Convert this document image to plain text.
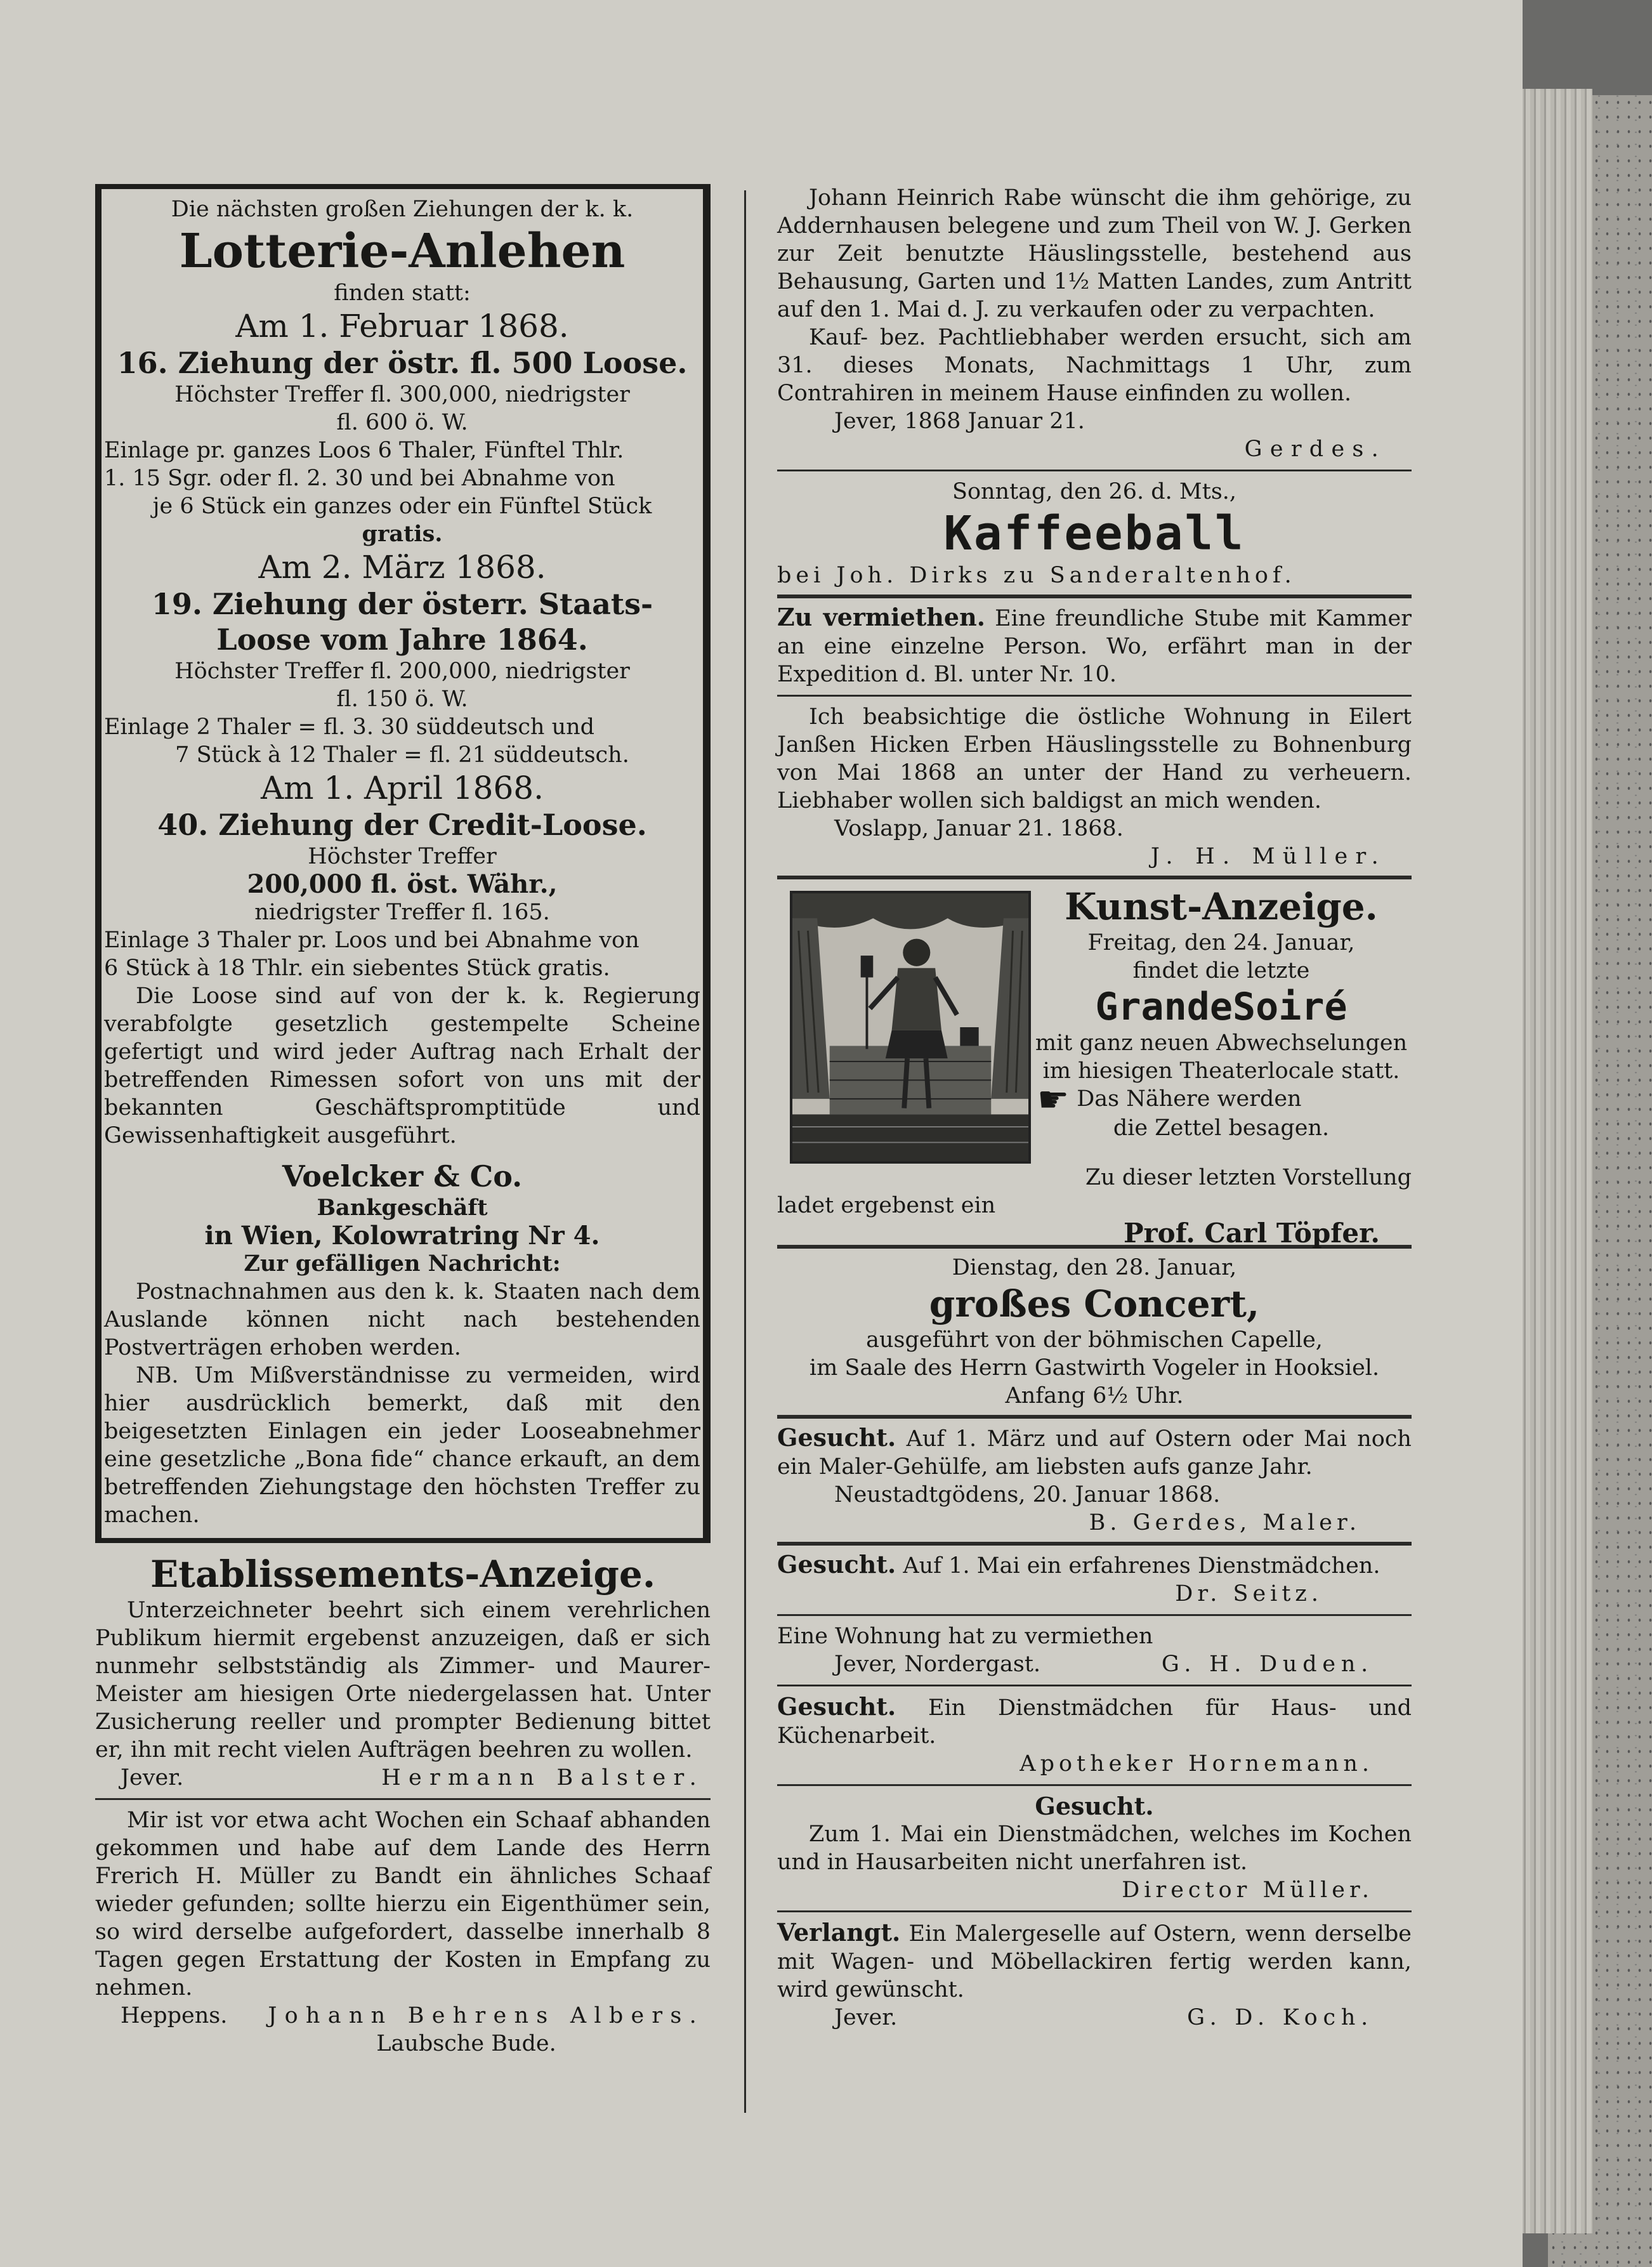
Die nächsten großen Ziehungen der k. k.
Lotterie-Anlehen
finden statt:
Am 1. Februar 1868.
16. Ziehung der östr. fl. 500 Loose.
Höchster Treffer fl. 300,000, niedrigster
fl. 600 ö. W.
Einlage pr. ganzes Loos 6 Thaler, Fünftel Thlr.
1. 15 Sgr. oder fl. 2. 30 und bei Abnahme von
je 6 Stück ein ganzes oder ein Fünftel Stück
gratis.
Am 2. März 1868.
19. Ziehung der österr. Staats-
Loose vom Jahre 1864.
Höchster Treffer fl. 200,000, niedrigster
fl. 150 ö. W.
Einlage 2 Thaler = fl. 3. 30 süddeutsch und
7 Stück à 12 Thaler = fl. 21 süddeutsch.
Am 1. April 1868.
40. Ziehung der Credit-Loose.
Höchster Treffer
200,000 fl. öst. Währ.,
niedrigster Treffer fl. 165.
Einlage 3 Thaler pr. Loos und bei Abnahme von
6 Stück à 18 Thlr. ein siebentes Stück gratis.
Die Loose sind auf von der k. k. Regierung verabfolgte gesetzlich gestempelte Scheine gefertigt und wird jeder Auftrag nach Erhalt der betreffenden Rimessen sofort von uns mit der bekannten Geschäftspromptitüde und Gewissenhaftigkeit ausgeführt.
Voelcker & Co.
Bankgeschäft
in Wien, Kolowratring Nr 4.
Zur gefälligen Nachricht:
Postnachnahmen aus den k. k. Staaten nach dem Auslande können nicht nach bestehenden Postverträgen erhoben werden.
NB. Um Mißverständnisse zu vermeiden, wird hier ausdrücklich bemerkt, daß mit den beigesetzten Einlagen ein jeder Looseabnehmer eine gesetzliche „Bona fide“ chance erkauft, an dem betreffenden Ziehungstage den höchsten Treffer zu machen.
Etablissements-Anzeige.
Unterzeichneter beehrt sich einem verehrlichen Publikum hiermit ergebenst anzuzeigen, daß er sich nunmehr selbstständig als Zimmer- und Maurer-Meister am hiesigen Orte niedergelassen hat. Unter Zusicherung reeller und prompter Bedienung bittet er, ihn mit recht vielen Aufträgen beehren zu wollen.
Jever.	Hermann Balster.
Mir ist vor etwa acht Wochen ein Schaaf abhanden gekommen und habe auf dem Lande des Herrn Frerich H. Müller zu Bandt ein ähnliches Schaaf wieder gefunden; sollte hierzu ein Eigenthümer sein, so wird derselbe aufgefordert, dasselbe innerhalb 8 Tagen gegen Erstattung der Kosten in Empfang zu nehmen.
Heppens. Johann Behrens Albers.
Laubsche Bude.
Johann Heinrich Rabe wünscht die ihm gehörige, zu Addernhausen belegene und zum Theil von W. J. Gerken zur Zeit benutzte Häuslingsstelle, bestehend aus Behausung, Garten und 1½ Matten Landes, zum Antritt auf den 1. Mai d. J. zu verkaufen oder zu verpachten.
Kauf- bez. Pachtliebhaber werden ersucht, sich am 31. dieses Monats, Nachmittags 1 Uhr, zum Contrahiren in meinem Hause einfinden zu wollen.
Jever, 1868 Januar 21.
Gerdes.
Sonntag, den 26. d. Mts.,
Kaffeeball
bei Joh. Dirks zu Sanderaltenhof.
Zu vermiethen. Eine freundliche Stube mit Kammer an eine einzelne Person. Wo, erfährt man in der Expedition d. Bl. unter Nr. 10.
Ich beabsichtige die östliche Wohnung in Eilert Janßen Hicken Erben Häuslingsstelle zu Bohnenburg von Mai 1868 an unter der Hand zu verheuern. Liebhaber wollen sich baldigst an mich wenden.
Voslapp, Januar 21. 1868.
J. H. Müller.
Kunst-Anzeige.
Freitag, den 24. Januar,
findet die letzte
GrandeSoiré
mit ganz neuen Abwechselungen
im hiesigen Theaterlocale statt.
☛ Das Nähere werden
die Zettel besagen.
Zu dieser letzten Vorstellung
ladet ergebenst ein
Prof. Carl Töpfer.
Dienstag, den 28. Januar,
großes Concert,
ausgeführt von der böhmischen Capelle,
im Saale des Herrn Gastwirth Vogeler in Hooksiel.
Anfang 6½ Uhr.
Gesucht. Auf 1. März und auf Ostern oder Mai noch ein Maler-Gehülfe, am liebsten aufs ganze Jahr.
Neustadtgödens, 20. Januar 1868.
B. Gerdes, Maler.
Gesucht. Auf 1. Mai ein erfahrenes Dienstmädchen.
Dr. Seitz.
Eine Wohnung hat zu vermiethen
Jever, Nordergast.	G. H. Duden.
Gesucht. Ein Dienstmädchen für Haus- und Küchenarbeit.
Apotheker Hornemann.
Gesucht.
Zum 1. Mai ein Dienstmädchen, welches im Kochen und in Hausarbeiten nicht unerfahren ist.
Director Müller.
Verlangt. Ein Malergeselle auf Ostern, wenn derselbe mit Wagen- und Möbellackiren fertig werden kann, wird gewünscht.
Jever.	G. D. Koch.
